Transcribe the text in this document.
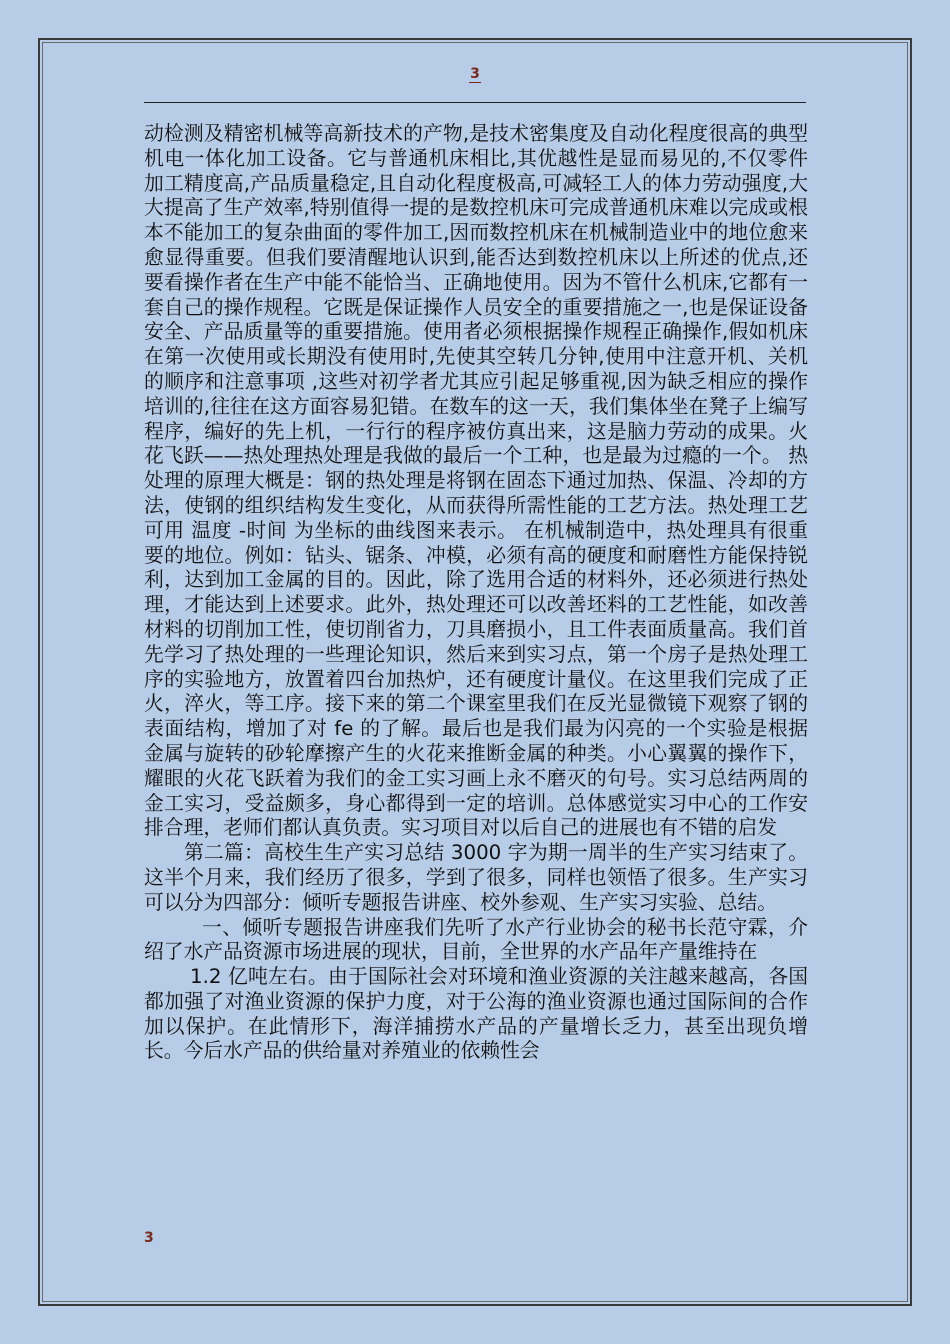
3

动检测及精密机械等高新技术的产物,是技术密集度及自动化程度很高的典型机电一体化加工设备。它与普通机床相比,其优越性是显而易见的,不仅零件加工精度高,产品质量稳定,且自动化程度极高,可减轻工人的体力劳动强度,大大提高了生产效率,特别值得一提的是数控机床可完成普通机床难以完成或根本不能加工的复杂曲面的零件加工,因而数控机床在机械制造业中的地位愈来愈显得重要。但我们要清醒地认识到,能否达到数控机床以上所述的优点,还要看操作者在生产中能不能恰当、正确地使用。因为不管什么机床,它都有一套自己的操作规程。它既是保证操作人员安全的重要措施之一,也是保证设备安全、产品质量等的重要措施。使用者必须根据操作规程正确操作,假如机床在第一次使用或长期没有使用时,先使其空转几分钟,使用中注意开机、关机的顺序和注意事项 ,这些对初学者尤其应引起足够重视,因为缺乏相应的操作培训的,往往在这方面容易犯错。在数车的这一天，我们集体坐在凳子上编写程序，编好的先上机，一行行的程序被仿真出来，这是脑力劳动的成果。火花飞跃——热处理热处理是我做的最后一个工种，也是最为过瘾的一个。 热处理的原理大概是：钢的热处理是将钢在固态下通过加热、保温、冷却的方法，使钢的组织结构发生变化，从而获得所需性能的工艺方法。热处理工艺可用 温度 -时间 为坐标的曲线图来表示。 在机械制造中，热处理具有很重要的地位。例如：钻头、锯条、冲模，必须有高的硬度和耐磨性方能保持锐利，达到加工金属的目的。因此，除了选用合适的材料外，还必须进行热处理，才能达到上述要求。此外，热处理还可以改善坯料的工艺性能，如改善材料的切削加工性，使切削省力，刀具磨损小，且工件表面质量高。我们首先学习了热处理的一些理论知识，然后来到实习点，第一个房子是热处理工序的实验地方，放置着四台加热炉，还有硬度计量仪。在这里我们完成了正火，淬火，等工序。接下来的第二个课室里我们在反光显微镜下观察了钢的表面结构，增加了对 fe 的了解。最后也是我们最为闪亮的一个实验是根据金属与旋转的砂轮摩擦产生的火花来推断金属的种类。小心翼翼的操作下，耀眼的火花飞跃着为我们的金工实习画上永不磨灭的句号。实习总结两周的金工实习，受益颇多，身心都得到一定的培训。总体感觉实习中心的工作安排合理，老师们都认真负责。实习项目对以后自己的进展也有不错的启发

第二篇：高校生生产实习总结 3000 字为期一周半的生产实习结束了。这半个月来，我们经历了很多，学到了很多，同样也领悟了很多。生产实习可以分为四部分：倾听专题报告讲座、校外参观、生产实习实验、总结。

一、倾听专题报告讲座我们先听了水产行业协会的秘书长范守霖，介绍了水产品资源市场进展的现状，目前，全世界的水产品年产量维持在

1.2 亿吨左右。由于国际社会对环境和渔业资源的关注越来越高，各国都加强了对渔业资源的保护力度，对于公海的渔业资源也通过国际间的合作加以保护。在此情形下，海洋捕捞水产品的产量增长乏力，甚至出现负增长。今后水产品的供给量对养殖业的依赖性会

3
